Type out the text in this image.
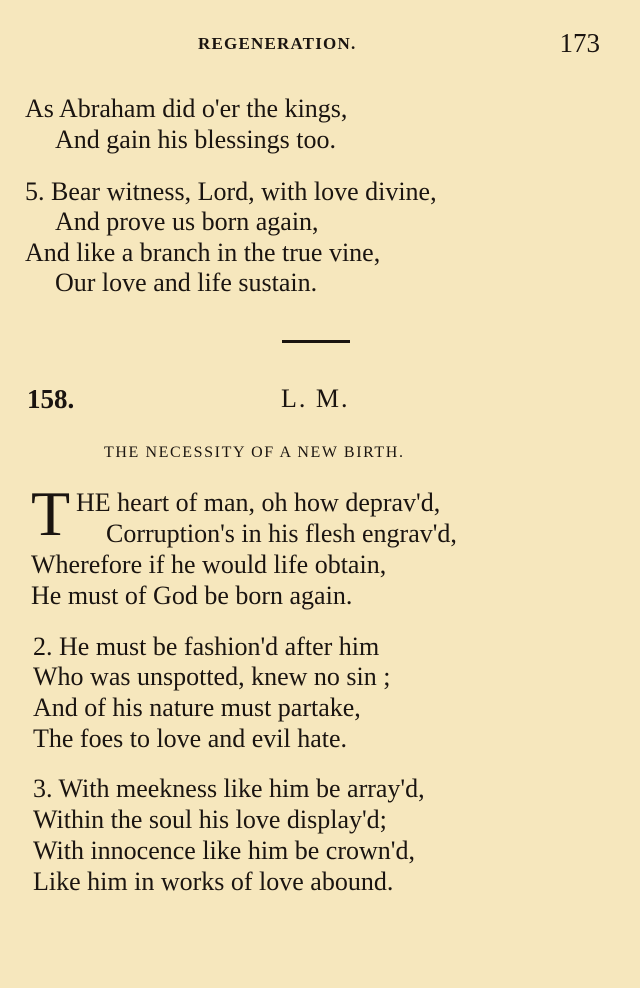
REGENERATION.	173
As Abraham did o'er the kings,
And gain his blessings too.
5. Bear witness, Lord, with love divine,
And prove us born again,
And like a branch in the true vine,
Our love and life sustain.
158.	L. M.
THE NECESSITY OF A NEW BIRTH.
T HE heart of man, oh how deprav'd,
Corruption's in his flesh engrav'd,
Wherefore if he would life obtain,
He must of God be born again.
2. He must be fashion'd after him
Who was unspotted, knew no sin ;
And of his nature must partake,
The foes to love and evil hate.
3. With meekness like him be array'd,
Within the soul his love display'd;
With innocence like him be crown'd,
Like him in works of love abound.
